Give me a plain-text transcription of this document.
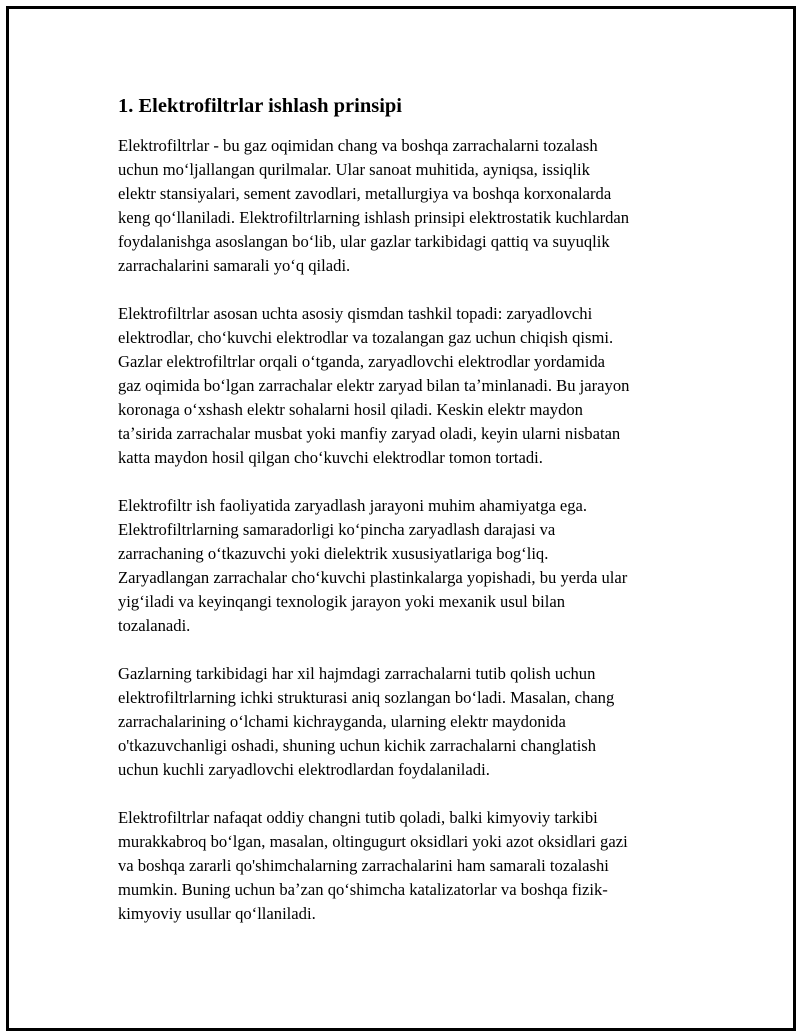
1. Elektrofiltrlar ishlash prinsipi
Elektrofiltrlar - bu gaz oqimidan chang va boshqa zarrachalarni tozalash
uchun moʻljallangan qurilmalar. Ular sanoat muhitida, ayniqsa, issiqlik
elektr stansiyalari, sement zavodlari, metallurgiya va boshqa korxonalarda
keng qoʻllaniladi. Elektrofiltrlarning ishlash prinsipi elektrostatik kuchlardan
foydalanishga asoslangan boʻlib, ular gazlar tarkibidagi qattiq va suyuqlik
zarrachalarini samarali yoʻq qiladi.
Elektrofiltrlar asosan uchta asosiy qismdan tashkil topadi: zaryadlovchi
elektrodlar, choʻkuvchi elektrodlar va tozalangan gaz uchun chiqish qismi.
Gazlar elektrofiltrlar orqali oʻtganda, zaryadlovchi elektrodlar yordamida
gaz oqimida boʻlgan zarrachalar elektr zaryad bilan taʼminlanadi. Bu jarayon
koronaga oʻxshash elektr sohalarni hosil qiladi. Keskin elektr maydon
taʼsirida zarrachalar musbat yoki manfiy zaryad oladi, keyin ularni nisbatan
katta maydon hosil qilgan choʻkuvchi elektrodlar tomon tortadi.
Elektrofiltr ish faoliyatida zaryadlash jarayoni muhim ahamiyatga ega.
Elektrofiltrlarning samaradorligi koʻpincha zaryadlash darajasi va
zarrachaning oʻtkazuvchi yoki dielektrik xususiyatlariga bogʻliq.
Zaryadlangan zarrachalar choʻkuvchi plastinkalarga yopishadi, bu yerda ular
yigʻiladi va keyinqangi texnologik jarayon yoki mexanik usul bilan
tozalanadi.
Gazlarning tarkibidagi har xil hajmdagi zarrachalarni tutib qolish uchun
elektrofiltrlarning ichki strukturasi aniq sozlangan boʻladi. Masalan, chang
zarrachalarining oʻlchami kichrayganda, ularning elektr maydonida
o'tkazuvchanligi oshadi, shuning uchun kichik zarrachalarni changlatish
uchun kuchli zaryadlovchi elektrodlardan foydalaniladi.
Elektrofiltrlar nafaqat oddiy changni tutib qoladi, balki kimyoviy tarkibi
murakkabroq boʻlgan, masalan, oltingugurt oksidlari yoki azot oksidlari gazi
va boshqa zararli qo'shimchalarning zarrachalarini ham samarali tozalashi
mumkin. Buning uchun baʼzan qoʻshimcha katalizatorlar va boshqa fizik-
kimyoviy usullar qoʻllaniladi.
